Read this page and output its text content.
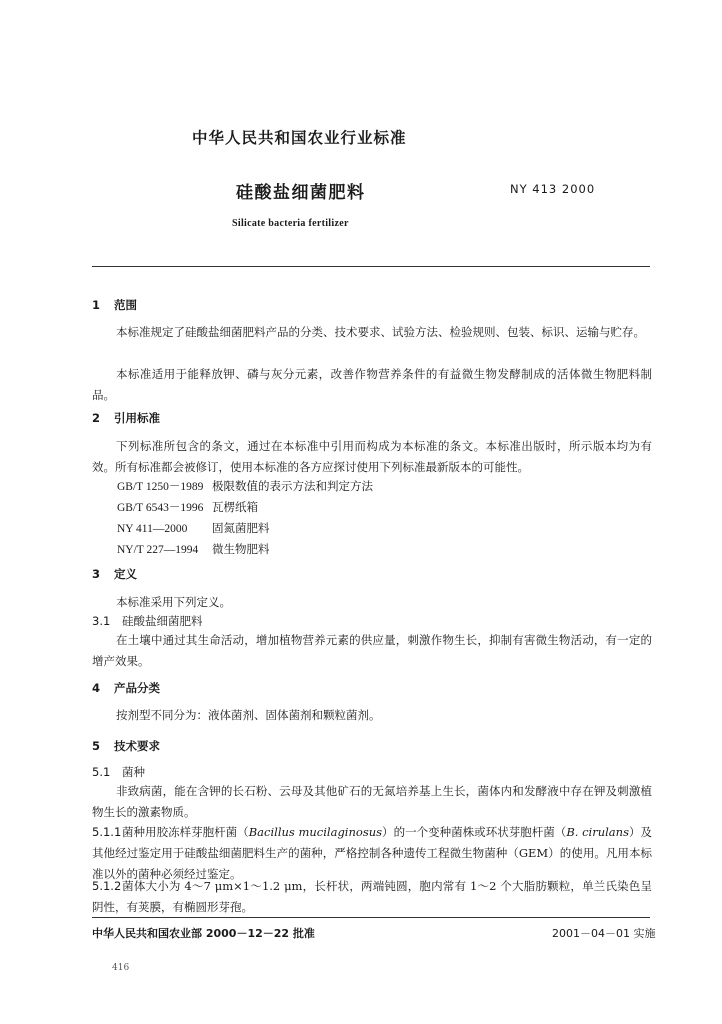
中华人民共和国农业行业标准
硅酸盐细菌肥料	NY 413 2000
Silicate bacteria fertilizer
1 范围
本标准规定了硅酸盐细菌肥料产品的分类、技术要求、试验方法、检验规则、包装、标识、运输与贮存。
本标准适用于能释放钾、磷与灰分元素，改善作物营养条件的有益微生物发酵制成的活体微生物肥料制品。
2 引用标准
下列标准所包含的条文，通过在本标准中引用而构成为本标准的条文。本标准出版时，所示版本均为有效。所有标准都会被修订，使用本标准的各方应探讨使用下列标准最新版本的可能性。
GB/T 1250－1989 极限数值的表示方法和判定方法
GB/T 6543－1996 瓦楞纸箱
NY 411—2000 固氮菌肥料
NY/T 227—1994 微生物肥料
3 定义
本标准采用下列定义。
3.1 硅酸盐细菌肥料
在土壤中通过其生命活动，增加植物营养元素的供应量，刺激作物生长，抑制有害微生物活动，有一定的增产效果。
4 产品分类
按剂型不同分为：液体菌剂、固体菌剂和颗粒菌剂。
5 技术要求
5.1 菌种
非致病菌，能在含钾的长石粉、云母及其他矿石的无氮培养基上生长，菌体内和发酵液中存在钾及刺激植物生长的激素物质。
5.1.1菌种用胶冻样芽胞杆菌（Bacillus mucilaginosus）的一个变种菌株或环状芽胞杆菌（B. cirulans）及其他经过鉴定用于硅酸盐细菌肥料生产的菌种，严格控制各种遗传工程微生物菌种（GEM）的使用。凡用本标准以外的菌种必须经过鉴定。
5.1.2菌体大小为 4～7 μm×1～1.2 μm，长杆状，两端钝圆，胞内常有 1～2 个大脂肪颗粒，单兰氏染色呈阴性，有荚膜，有椭圆形芽孢。
中华人民共和国农业部 2000－12－22 批准	2001－04－01 实施
416
